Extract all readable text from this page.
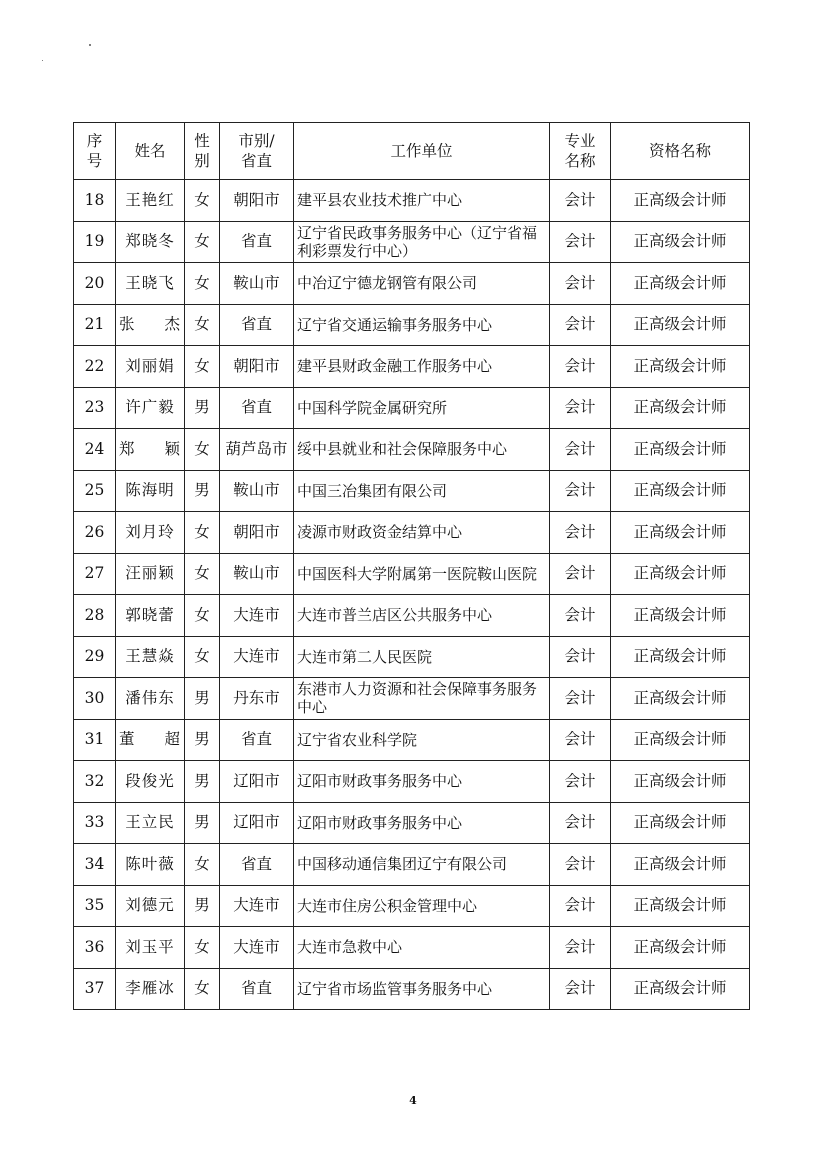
序号	姓名	性别	市别/省直	工作单位	专业名称	资格名称
18	王艳红	女	朝阳市	建平县农业技术推广中心	会计	正高级会计师
19	郑晓冬	女	省直	辽宁省民政事务服务中心（辽宁省福利彩票发行中心）	会计	正高级会计师
20	王晓飞	女	鞍山市	中冶辽宁德龙钢管有限公司	会计	正高级会计师
21	张 杰	女	省直	辽宁省交通运输事务服务中心	会计	正高级会计师
22	刘丽娟	女	朝阳市	建平县财政金融工作服务中心	会计	正高级会计师
23	许广毅	男	省直	中国科学院金属研究所	会计	正高级会计师
24	郑 颖	女	葫芦岛市	绥中县就业和社会保障服务中心	会计	正高级会计师
25	陈海明	男	鞍山市	中国三冶集团有限公司	会计	正高级会计师
26	刘月玲	女	朝阳市	凌源市财政资金结算中心	会计	正高级会计师
27	汪丽颖	女	鞍山市	中国医科大学附属第一医院鞍山医院	会计	正高级会计师
28	郭晓蕾	女	大连市	大连市普兰店区公共服务中心	会计	正高级会计师
29	王慧焱	女	大连市	大连市第二人民医院	会计	正高级会计师
30	潘伟东	男	丹东市	东港市人力资源和社会保障事务服务中心	会计	正高级会计师
31	董 超	男	省直	辽宁省农业科学院	会计	正高级会计师
32	段俊光	男	辽阳市	辽阳市财政事务服务中心	会计	正高级会计师
33	王立民	男	辽阳市	辽阳市财政事务服务中心	会计	正高级会计师
34	陈叶薇	女	省直	中国移动通信集团辽宁有限公司	会计	正高级会计师
35	刘德元	男	大连市	大连市住房公积金管理中心	会计	正高级会计师
36	刘玉平	女	大连市	大连市急救中心	会计	正高级会计师
37	李雁冰	女	省直	辽宁省市场监管事务服务中心	会计	正高级会计师
4
